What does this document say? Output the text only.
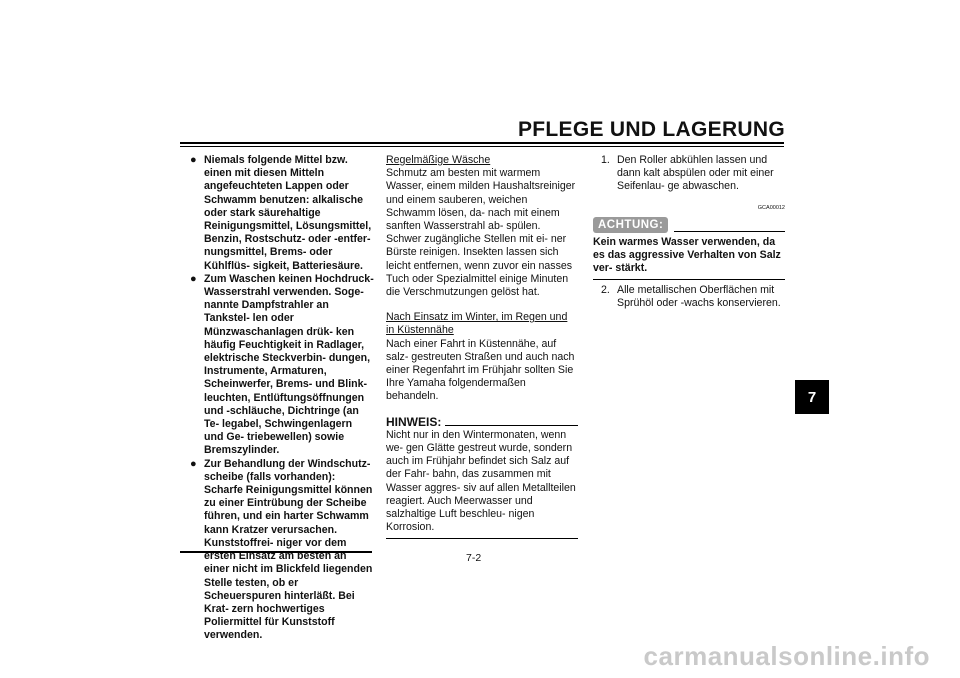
PFLEGE UND LAGERUNG
7
● Niemals folgende Mittel bzw. einen mit diesen Mitteln angefeuchteten Lappen oder Schwamm benutzen: alkalische oder stark säurehaltige Reinigungsmittel, Lösungsmittel, Benzin, Rostschutz- oder -entfer- nungsmittel, Brems- oder Kühlflüs- sigkeit, Batteriesäure.
● Zum Waschen keinen Hochdruck- Wasserstrahl verwenden. Soge- nannte Dampfstrahler an Tankstel- len oder Münzwaschanlagen drük- ken häufig Feuchtigkeit in Radlager, elektrische Steckverbin- dungen, Instrumente, Armaturen, Scheinwerfer, Brems- und Blink- leuchten, Entlüftungsöffnungen und -schläuche, Dichtringe (an Te- legabel, Schwingenlagern und Ge- triebewellen) sowie Bremszylinder.
● Zur Behandlung der Windschutz- scheibe (falls vorhanden): Scharfe Reinigungsmittel können zu einer Eintrübung der Scheibe führen, und ein harter Schwamm kann Kratzer verursachen. Kunststoffrei- niger vor dem ersten Einsatz am besten an einer nicht im Blickfeld liegenden Stelle testen, ob er Scheuerspuren hinterläßt. Bei Krat- zern hochwertiges Poliermittel für Kunststoff verwenden.

Regelmäßige Wäsche

Schmutz am besten mit warmem Wasser, einem milden Haushaltsreiniger und einem sauberen, weichen Schwamm lösen, da- nach mit einem sanften Wasserstrahl ab- spülen. Schwer zugängliche Stellen mit ei- ner Bürste reinigen. Insekten lassen sich leicht entfernen, wenn zuvor ein nasses Tuch oder Spezialmittel einige Minuten die Verschmutzungen gelöst hat.

Nach Einsatz im Winter, im Regen und in Küstennähe

Nach einer Fahrt in Küstennähe, auf salz- gestreuten Straßen und auch nach einer Regenfahrt im Frühjahr sollten Sie Ihre Yamaha folgendermaßen behandeln.

HINWEIS:

Nicht nur in den Wintermonaten, wenn we- gen Glätte gestreut wurde, sondern auch im Frühjahr befindet sich Salz auf der Fahr- bahn, das zusammen mit Wasser aggres- siv auf allen Metallteilen reagiert. Auch Meerwasser und salzhaltige Luft beschleu- nigen Korrosion.

1. Den Roller abkühlen lassen und dann kalt abspülen oder mit einer Seifenlau- ge abwaschen.
GCA00012
ACHTUNG:

Kein warmes Wasser verwenden, da es das aggressive Verhalten von Salz ver- stärkt.

2. Alle metallischen Oberflächen mit Sprühöl oder -wachs konservieren.
7-2
carmanualsonline.info
